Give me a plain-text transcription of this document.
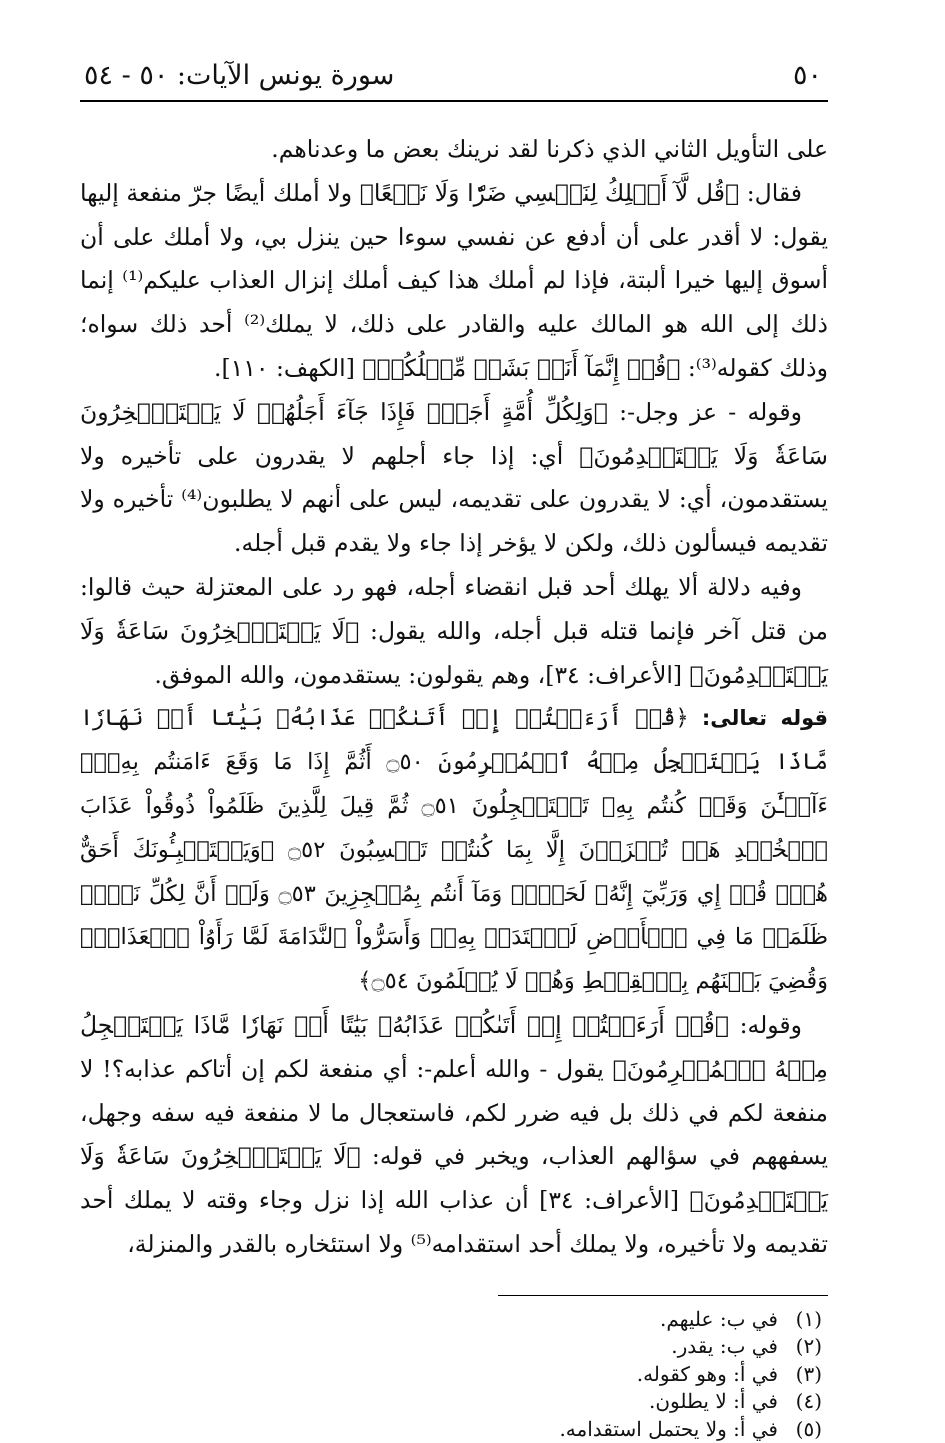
٥٠
سورة يونس الآيات: ٥٠ - ٥٤

على التأويل الثاني الذي ذكرنا لقد نرينك بعض ما وعدناهم.

فقال: ﴿قُل لَّآ أَمۡلِكُ لِنَفۡسِي ضَرّٗا وَلَا نَفۡعًا﴾ ولا أملك أيضًا جرّ منفعة إليها يقول: لا أقدر على أن أدفع عن نفسي سوءا حين ينزل بي، ولا أملك على أن أسوق إليها خيرا ألبتة، فإذا لم أملك هذا كيف أملك إنزال العذاب عليكم⁽¹⁾ إنما ذلك إلى الله هو المالك عليه والقادر على ذلك، لا يملك⁽²⁾ أحد ذلك سواه؛ وذلك كقوله⁽³⁾: ﴿قُلۡ إِنَّمَآ أَنَا۠ بَشَرٞ مِّثۡلُكُمۡ﴾ [الكهف: ١١٠].

وقوله - عز وجل-: ﴿وَلِكُلِّ أُمَّةٍ أَجَلٌۚ فَإِذَا جَآءَ أَجَلُهُمۡ لَا يَسۡتَـٔۡخِرُونَ سَاعَةٗ وَلَا يَسۡتَقۡدِمُونَ﴾ أي: إذا جاء أجلهم لا يقدرون على تأخيره ولا يستقدمون، أي: لا يقدرون على تقديمه، ليس على أنهم لا يطلبون⁽⁴⁾ تأخيره ولا تقديمه فيسألون ذلك، ولكن لا يؤخر إذا جاء ولا يقدم قبل أجله.

وفيه دلالة ألا يهلك أحد قبل انقضاء أجله، فهو رد على المعتزلة حيث قالوا: من قتل آخر فإنما قتله قبل أجله، والله يقول: ﴿لَا يَسۡتَـٔۡخِرُونَ سَاعَةٗ وَلَا يَسۡتَقۡدِمُونَ﴾ [الأعراف: ٣٤]، وهم يقولون: يستقدمون، والله الموفق.

قوله تعالى: ﴿قُلۡ أَرَءَيۡتُمۡ إِنۡ أَتَىٰكُمۡ عَذَابُهُۥ بَيَٰتًا أَوۡ نَهَارٗا مَّاذَا يَسۡتَعۡجِلُ مِنۡهُ ٱلۡمُجۡرِمُونَ ۝٥٠ أَثُمَّ إِذَا مَا وَقَعَ ءَامَنتُم بِهِۦٓۚ ءَآلۡـَٰٔنَ وَقَدۡ كُنتُم بِهِۦ تَسۡتَعۡجِلُونَ ۝٥١ ثُمَّ قِيلَ لِلَّذِينَ ظَلَمُواْ ذُوقُواْ عَذَابَ ٱلۡخُلۡدِ هَلۡ تُجۡزَوۡنَ إِلَّا بِمَا كُنتُمۡ تَكۡسِبُونَ ۝٥٢ ۞وَيَسۡتَنۢبِـُٔونَكَ أَحَقٌّ هُوَۖ قُلۡ إِي وَرَبِّيٓ إِنَّهُۥ لَحَقّٞۖ وَمَآ أَنتُم بِمُعۡجِزِينَ ۝٥٣ وَلَوۡ أَنَّ لِكُلِّ نَفۡسٖ ظَلَمَتۡ مَا فِي ٱلۡأَرۡضِ لَٱفۡتَدَتۡ بِهِۦۗ وَأَسَرُّواْ ٱلنَّدَامَةَ لَمَّا رَأَوُاْ ٱلۡعَذَابَۖ وَقُضِيَ بَيۡنَهُم بِٱلۡقِسۡطِ وَهُمۡ لَا يُظۡلَمُونَ ۝٥٤﴾

وقوله: ﴿قُلۡ أَرَءَيۡتُمۡ إِنۡ أَتَىٰكُمۡ عَذَابُهُۥ بَيَٰتًا أَوۡ نَهَارٗا مَّاذَا يَسۡتَعۡجِلُ مِنۡهُ ٱلۡمُجۡرِمُونَ﴾ يقول - والله أعلم-: أي منفعة لكم إن أتاكم عذابه؟! لا منفعة لكم في ذلك بل فيه ضرر لكم، فاستعجال ما لا منفعة فيه سفه وجهل، يسفههم في سؤالهم العذاب، ويخبر في قوله: ﴿لَا يَسۡتَـٔۡخِرُونَ سَاعَةٗ وَلَا يَسۡتَقۡدِمُونَ﴾ [الأعراف: ٣٤] أن عذاب الله إذا نزل وجاء وقته لا يملك أحد تقديمه ولا تأخيره، ولا يملك أحد استقدامه⁽⁵⁾ ولا استئخاره بالقدر والمنزلة،

(١)
في ب: عليهم.
(٢)
في ب: يقدر.
(٣)
في أ: وهو كقوله.
(٤)
في أ: لا يطلون.
(٥)
في أ: ولا يحتمل استقدامه.
